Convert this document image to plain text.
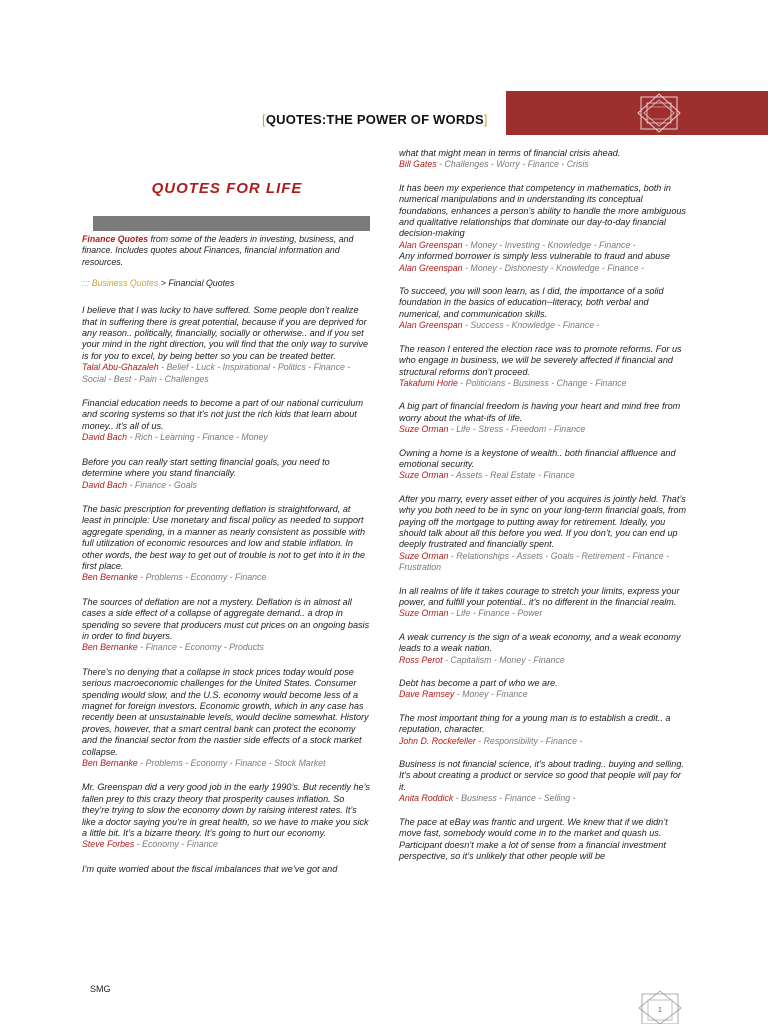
[QUOTES:THE POWER OF WORDS]
QUOTES FOR LIFE
Finance Quotes from some of the leaders in investing, business, and finance. Includes quotes about Finances, financial information and resources.
::: Business Quotes > Financial Quotes
I believe that I was lucky to have suffered. Some people don’t realize that in suffering there is great potential, because if you are deprived for any reason.. politically, financially, socially or otherwise.. and if you set your mind in the right direction, you will find that the only way to survive is for you to excel, by being better so you can be treated better.
Talal Abu-Ghazaleh - Belief - Luck - Inspirational - Politics - Finance - Social - Best - Pain - Challenges
Financial education needs to become a part of our national curriculum and scoring systems so that it’s not just the rich kids that learn about money.. it’s all of us.
David Bach - Rich - Learning - Finance - Money
Before you can really start setting financial goals, you need to determine where you stand financially.
David Bach - Finance - Goals
The basic prescription for preventing deflation is straightforward, at least in principle: Use monetary and fiscal policy as needed to support aggregate spending, in a manner as nearly consistent as possible with full utilization of economic resources and low and stable inflation. In other words, the best way to get out of trouble is not to get into it in the first place.
Ben Bernanke - Problems - Economy - Finance
The sources of deflation are not a mystery. Deflation is in almost all cases a side effect of a collapse of aggregate demand.. a drop in spending so severe that producers must cut prices on an ongoing basis in order to find buyers.
Ben Bernanke - Finance - Economy - Products
There’s no denying that a collapse in stock prices today would pose serious macroeconomic challenges for the United States. Consumer spending would slow, and the U.S. economy would become less of a magnet for foreign investors. Economic growth, which in any case has recently been at unsustainable levels, would decline somewhat. History proves, however, that a smart central bank can protect the economy and the financial sector from the nastier side effects of a stock market collapse.
Ben Bernanke - Problems - Economy - Finance - Stock Market
Mr. Greenspan did a very good job in the early 1990’s. But recently he’s fallen prey to this crazy theory that prosperity causes inflation. So they’re trying to slow the economy down by raising interest rates. It’s like a doctor saying you’re in great health, so we have to make you sick a little bit. It’s a bizarre theory. It’s going to hurt our economy.
Steve Forbes - Economy - Finance
I’m quite worried about the fiscal imbalances that we’ve got and
what that might mean in terms of financial crisis ahead.
Bill Gates - Challenges - Worry - Finance - Crisis
It has been my experience that competency in mathematics, both in numerical manipulations and in understanding its conceptual foundations, enhances a person’s ability to handle the more ambiguous and qualitative relationships that dominate our day-to-day financial decision-making
Alan Greenspan - Money - Investing - Knowledge - Finance -
Any informed borrower is simply less vulnerable to fraud and abuse
Alan Greenspan - Money - Dishonesty - Knowledge - Finance -
To succeed, you will soon learn, as I did, the importance of a solid foundation in the basics of education--literacy, both verbal and numerical, and communication skills.
Alan Greenspan - Success - Knowledge - Finance -
The reason I entered the election race was to promote reforms. For us who engage in business, we will be severely affected if financial and structural reforms don’t proceed.
Takafumi Horie - Politicians - Business - Change - Finance
A big part of financial freedom is having your heart and mind free from worry about the what-ifs of life.
Suze Orman - Life - Stress - Freedom - Finance
Owning a home is a keystone of wealth.. both financial affluence and emotional security.
Suze Orman - Assets - Real Estate - Finance
After you marry, every asset either of you acquires is jointly held. That’s why you both need to be in sync on your long-term financial goals, from paying off the mortgage to putting away for retirement. Ideally, you should talk about all this before you wed. If you don’t, you can end up deeply frustrated and financially spent.
Suze Orman - Relationships - Assets - Goals - Retirement - Finance - Frustration
In all realms of life it takes courage to stretch your limits, express your power, and fulfill your potential.. it’s no different in the financial realm.
Suze Orman - Life - Finance - Power
A weak currency is the sign of a weak economy, and a weak economy leads to a weak nation.
Ross Perot - Capitalism - Money - Finance
Debt has become a part of who we are.
Dave Ramsey - Money - Finance
The most important thing for a young man is to establish a credit.. a reputation, character.
John D. Rockefeller - Responsibility - Finance -
Business is not financial science, it’s about trading.. buying and selling. It’s about creating a product or service so good that people will pay for it.
Anita Roddick - Business - Finance - Selling -
The pace at eBay was frantic and urgent. We knew that if we didn’t move fast, somebody would come in to the market and quash us. Participant doesn’t make a lot of sense from a financial investment perspective, so it’s unlikely that other people will be
SMG
1
